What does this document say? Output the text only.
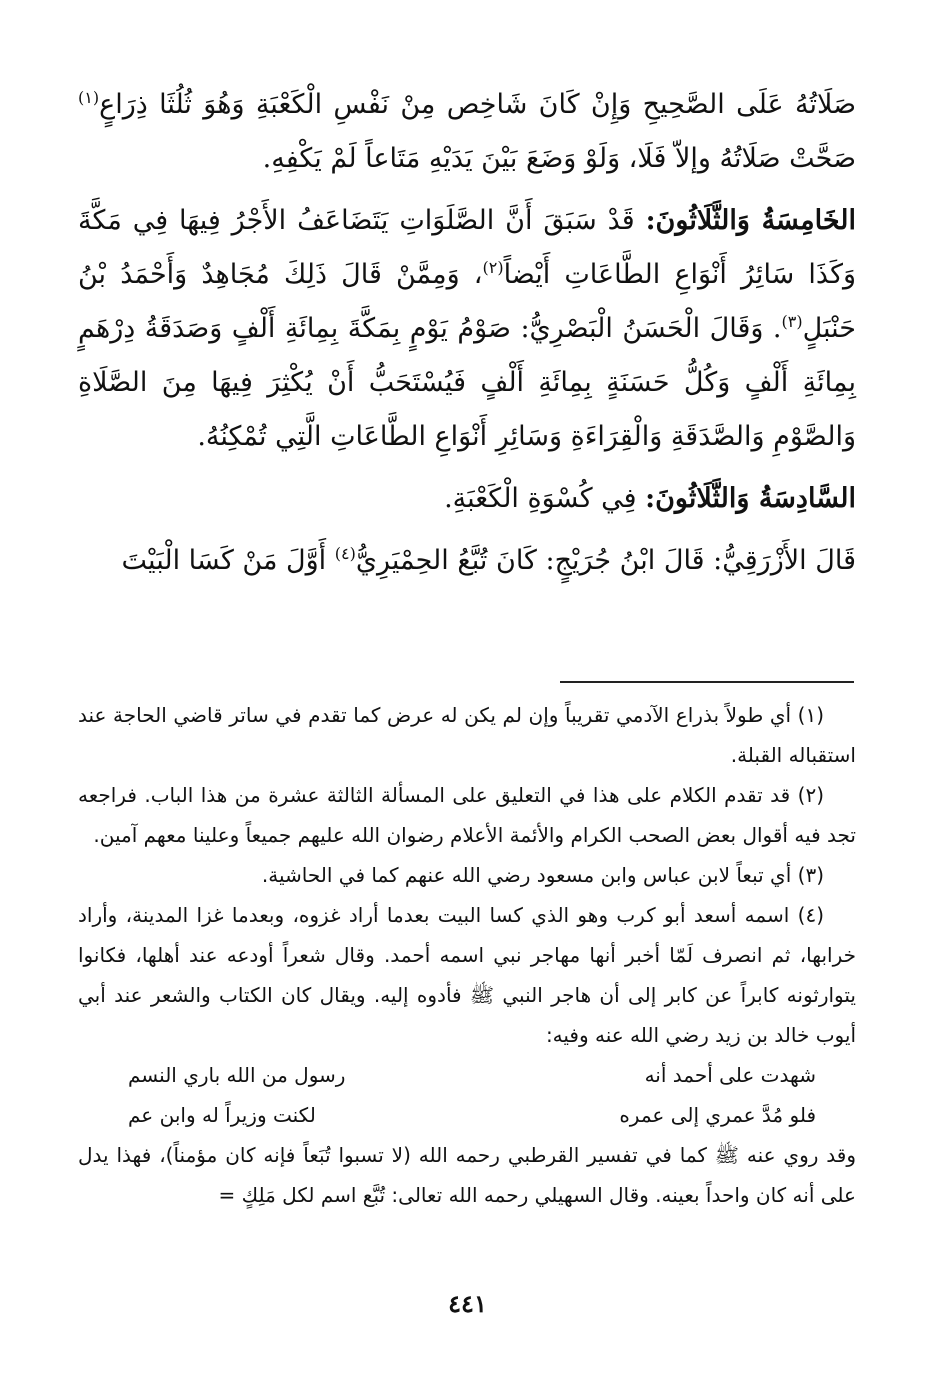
صَلَاتُهُ عَلَى الصَّحِيحِ وَإِنْ كَانَ شَاخِص مِنْ نَفْسِ الْكَعْبَةِ وَهُوَ ثُلُثَا ذِرَاعٍ$^{(١)}$ صَحَّتْ صَلَاتُهُ وإلاّ فَلَا، وَلَوْ وَضَعَ بَيْنَ يَدَيْهِ مَتَاعاً لَمْ يَكْفِهِ.

الخَامِسَةُ وَالثَّلَاثُونَ: قَدْ سَبَقَ أَنَّ الصَّلَوَاتِ يَتَضَاعَفُ الأَجْرُ فِيهَا فِي مَكَّةَ وَكَذَا سَائِرُ أَنْوَاعِ الطَّاعَاتِ أَيْضاً$^{(٢)}$، وَمِمَّنْ قَالَ ذَلِكَ مُجَاهِدٌ وَأَحْمَدُ بْنُ حَنْبَلٍ$^{(٣)}$. وَقَالَ الْحَسَنُ الْبَصْرِيُّ: صَوْمُ يَوْمٍ بِمَكَّةَ بِمِائَةِ أَلْفٍ وَصَدَقَةُ دِرْهَمٍ بِمِائَةِ أَلْفٍ وَكُلُّ حَسَنَةٍ بِمِائَةِ أَلْفٍ فَيُسْتَحَبُّ أَنْ يُكْثِرَ فِيهَا مِنَ الصَّلَاةِ وَالصَّوْمِ وَالصَّدَقَةِ وَالْقِرَاءَةِ وَسَائِرِ أَنْوَاعِ الطَّاعَاتِ الَّتِي تُمْكِنُهُ.

السَّادِسَةُ وَالثَّلَاثُونَ: فِي كُسْوَةِ الْكَعْبَةِ.

قَالَ الأَزْرَقِيُّ: قَالَ ابْنُ جُرَيْجٍ: كَانَ تُبَّعُ الحِمْيَرِيُّ$^{(٤)}$ أَوَّلَ مَنْ كَسَا الْبَيْتَ

(١) أي طولاً بذراع الآدمي تقريباً وإن لم يكن له عرض كما تقدم في ساتر قاضي الحاجة عند استقباله القبلة.

(٢) قد تقدم الكلام على هذا في التعليق على المسألة الثالثة عشرة من هذا الباب. فراجعه تجد فيه أقوال بعض الصحب الكرام والأئمة الأعلام رضوان الله عليهم جميعاً وعلينا معهم آمين.

(٣) أي تبعاً لابن عباس وابن مسعود رضي الله عنهم كما في الحاشية.

(٤) اسمه أسعد أبو كرب وهو الذي كسا البيت بعدما أراد غزوه، وبعدما غزا المدينة، وأراد خرابها، ثم انصرف لَمّا أخبر أنها مهاجر نبي اسمه أحمد. وقال شعراً أودعه عند أهلها، فكانوا يتوارثونه كابراً عن كابر إلى أن هاجر النبي ﷺ فأدوه إليه. ويقال كان الكتاب والشعر عند أبي أيوب خالد بن زيد رضي الله عنه وفيه:

شهدت على أحمد أنه
رسول من الله باري النسم
فلو مُدَّ عمري إلى عمره
لكنت وزيراً له وابن عم

وقد روي عنه ﷺ كما في تفسير القرطبي رحمه الله (لا تسبوا تُبَعاً فإنه كان مؤمناً)، فهذا يدل على أنه كان واحداً بعينه. وقال السهيلي رحمه الله تعالى: تُبَّع اسم لكل مَلِكٍ =

٤٤١
